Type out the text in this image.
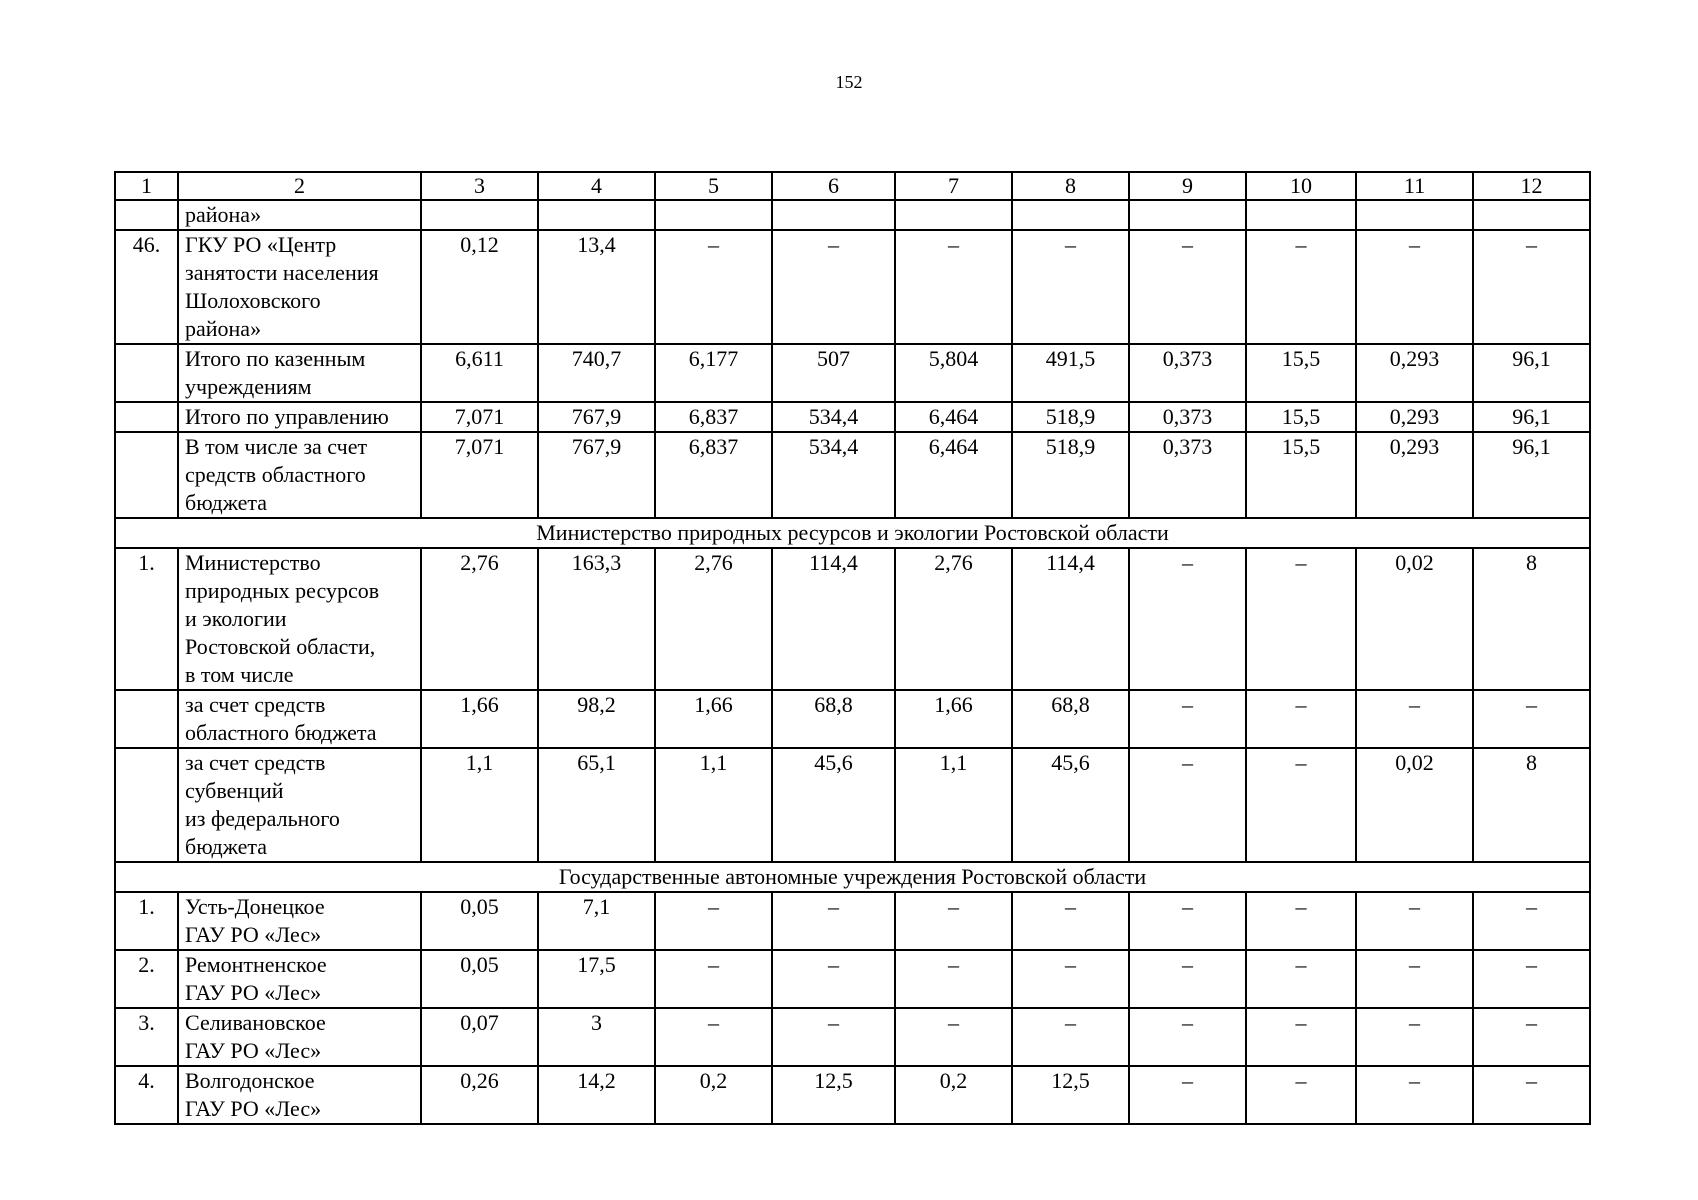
152
1	2	3	4	5	6	7	8	9	10	11	12
	района»										
46.	ГКУ РО «Центр
занятости населения
Шолоховского
района»	0,12	13,4	–	–	–	–	–	–	–	–
	Итого по казенным
учреждениям	6,611	740,7	6,177	507	5,804	491,5	0,373	15,5	0,293	96,1
	Итого по управлению	7,071	767,9	6,837	534,4	6,464	518,9	0,373	15,5	0,293	96,1
	В том числе за счет
средств областного
бюджета	7,071	767,9	6,837	534,4	6,464	518,9	0,373	15,5	0,293	96,1
Министерство природных ресурсов и экологии Ростовской области											
1.	Министерство
природных ресурсов
и экологии
Ростовской области,
в том числе	2,76	163,3	2,76	114,4	2,76	114,4	–	–	0,02	8
	за счет средств
областного бюджета	1,66	98,2	1,66	68,8	1,66	68,8	–	–	–	–
	за счет средств
субвенций
из федерального
бюджета	1,1	65,1	1,1	45,6	1,1	45,6	–	–	0,02	8
Государственные автономные учреждения Ростовской области											
1.	Усть-Донецкое
ГАУ РО «Лес»	0,05	7,1	–	–	–	–	–	–	–	–
2.	Ремонтненское
ГАУ РО «Лес»	0,05	17,5	–	–	–	–	–	–	–	–
3.	Селивановское
ГАУ РО «Лес»	0,07	3	–	–	–	–	–	–	–	–
4.	Волгодонское
ГАУ РО «Лес»	0,26	14,2	0,2	12,5	0,2	12,5	–	–	–	–
